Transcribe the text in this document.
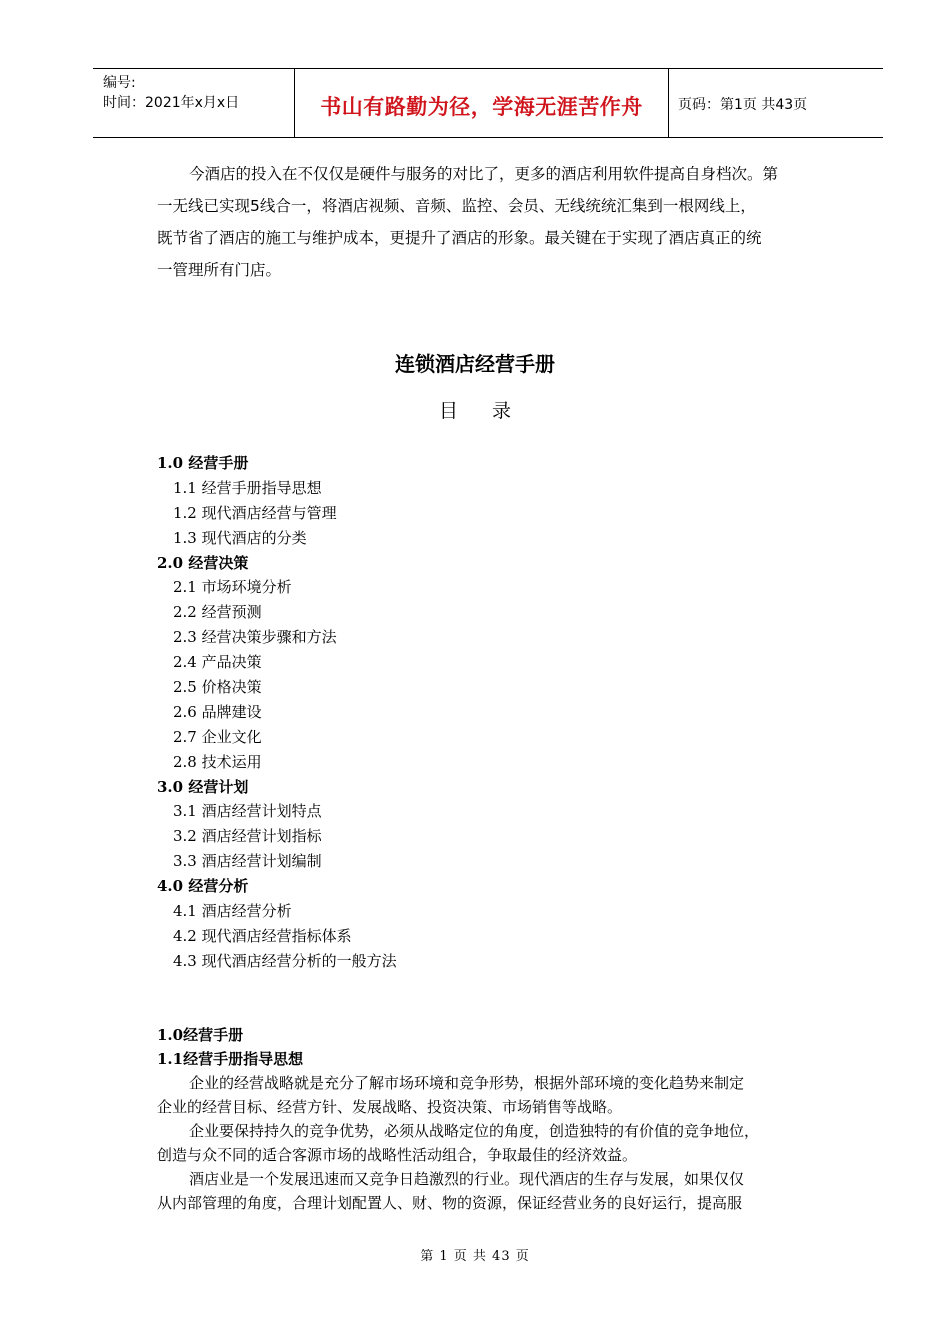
编号:
时间：2021年x月x日	书山有路勤为径，学海无涯苦作舟	页码：第1页 共43页

今酒店的投入在不仅仅是硬件与服务的对比了，更多的酒店利用软件提高自身档次。第

一无线已实现5线合一，将酒店视频、音频、监控、会员、无线统统汇集到一根网线上，

既节省了酒店的施工与维护成本，更提升了酒店的形象。最关键在于实现了酒店真正的统

一管理所有门店。

连锁酒店经营手册
目录
1.0 经营手册
1.1 经营手册指导思想
1.2 现代酒店经营与管理
1.3 现代酒店的分类
2.0 经营决策
2.1 市场环境分析
2.2 经营预测
2.3 经营决策步骤和方法
2.4 产品决策
2.5 价格决策
2.6 品牌建设
2.7 企业文化
2.8 技术运用
3.0 经营计划
3.1 酒店经营计划特点
3.2 酒店经营计划指标
3.3 酒店经营计划编制
4.0 经营分析
4.1 酒店经营分析
4.2 现代酒店经营指标体系
4.3 现代酒店经营分析的一般方法
1.0经营手册
1.1经营手册指导思想

企业的经营战略就是充分了解市场环境和竞争形势，根据外部环境的变化趋势来制定

企业的经营目标、经营方针、发展战略、投资决策、市场销售等战略。

企业要保持持久的竞争优势，必须从战略定位的角度，创造独特的有价值的竞争地位，

创造与众不同的适合客源市场的战略性活动组合，争取最佳的经济效益。

酒店业是一个发展迅速而又竞争日趋激烈的行业。现代酒店的生存与发展，如果仅仅

从内部管理的角度，合理计划配置人、财、物的资源，保证经营业务的良好运行，提高服

第 1 页 共 43 页
